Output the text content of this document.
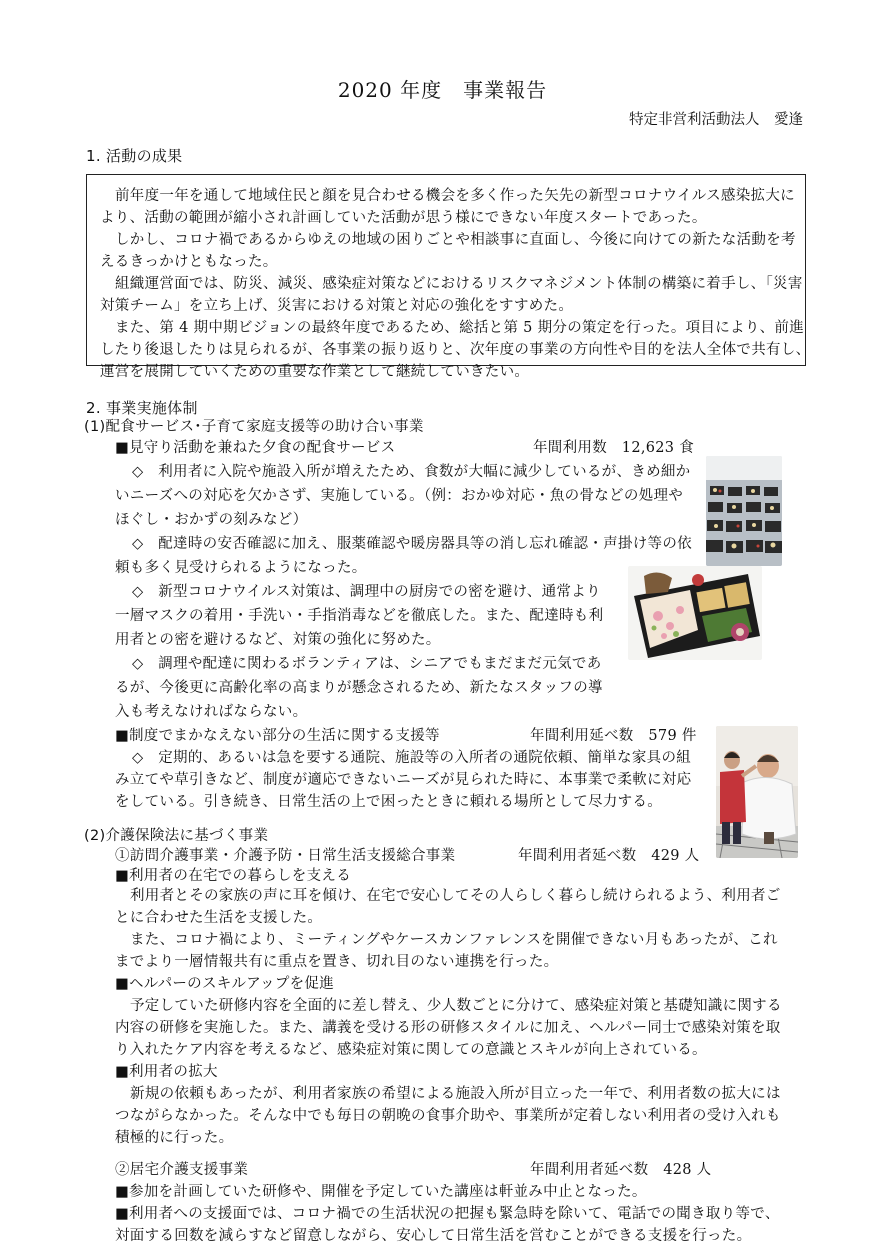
2020 年度　事業報告
特定非営利活動法人　愛逢
1. 活動の成果
前年度一年を通して地域住民と顔を見合わせる機会を多く作った矢先の新型コロナウイルス感染拡大に
より、活動の範囲が縮小され計画していた活動が思う様にできない年度スタートであった。
しかし、コロナ禍であるからゆえの地域の困りごとや相談事に直面し、今後に向けての新たな活動を考
えるきっかけともなった。
組織運営面では、防災、減災、感染症対策などにおけるリスクマネジメント体制の構築に着手し、「災害
対策チーム」を立ち上げ、災害における対策と対応の強化をすすめた。
また、第 4 期中期ビジョンの最終年度であるため、総括と第 5 期分の策定を行った。項目により、前進
したり後退したりは見られるが、各事業の振り返りと、次年度の事業の方向性や目的を法人全体で共有し、
運営を展開していくための重要な作業として継続していきたい。
2. 事業実施体制
(1)配食サービス･子育て家庭支援等の助け合い事業
■見守り活動を兼ねた夕食の配食サービス	年間利用数　12,623 食
◇　利用者に入院や施設入所が増えたため、食数が大幅に減少しているが、きめ細か
いニーズへの対応を欠かさず、実施している。（例：おかゆ対応・魚の骨などの処理や
ほぐし・おかずの刻みなど）
◇　配達時の安否確認に加え、服薬確認や暖房器具等の消し忘れ確認・声掛け等の依
頼も多く見受けられるようになった。
◇　新型コロナウイルス対策は、調理中の厨房での密を避け、通常より
一層マスクの着用・手洗い・手指消毒などを徹底した。また、配達時も利
用者との密を避けるなど、対策の強化に努めた。
◇　調理や配達に関わるボランティアは、シニアでもまだまだ元気であ
るが、今後更に高齢化率の高まりが懸念されるため、新たなスタッフの導
入も考えなければならない。
■制度でまかなえない部分の生活に関する支援等	年間利用延べ数　579 件
◇　定期的、あるいは急を要する通院、施設等の入所者の通院依頼、簡単な家具の組
み立てや草引きなど、制度が適応できないニーズが見られた時に、本事業で柔軟に対応
をしている。引き続き、日常生活の上で困ったときに頼れる場所として尽力する。
(2)介護保険法に基づく事業
①訪問介護事業・介護予防・日常生活支援総合事業	年間利用者延べ数　429 人
■利用者の在宅での暮らしを支える
利用者とその家族の声に耳を傾け、在宅で安心してその人らしく暮らし続けられるよう、利用者ご
とに合わせた生活を支援した。
また、コロナ禍により、ミーティングやケースカンファレンスを開催できない月もあったが、これ
までより一層情報共有に重点を置き、切れ目のない連携を行った。
■ヘルパーのスキルアップを促進
予定していた研修内容を全面的に差し替え、少人数ごとに分けて、感染症対策と基礎知識に関する
内容の研修を実施した。また、講義を受ける形の研修スタイルに加え、ヘルパー同士で感染対策を取
り入れたケア内容を考えるなど、感染症対策に関しての意識とスキルが向上されている。
■利用者の拡大
新規の依頼もあったが、利用者家族の希望による施設入所が目立った一年で、利用者数の拡大には
つながらなかった。そんな中でも毎日の朝晩の食事介助や、事業所が定着しない利用者の受け入れも
積極的に行った。
②居宅介護支援事業	年間利用者延べ数　428 人
■参加を計画していた研修や、開催を予定していた講座は軒並み中止となった。
■利用者への支援面では、コロナ禍での生活状況の把握も緊急時を除いて、電話での聞き取り等で、
対面する回数を減らすなど留意しながら、安心して日常生活を営むことができる支援を行った。
